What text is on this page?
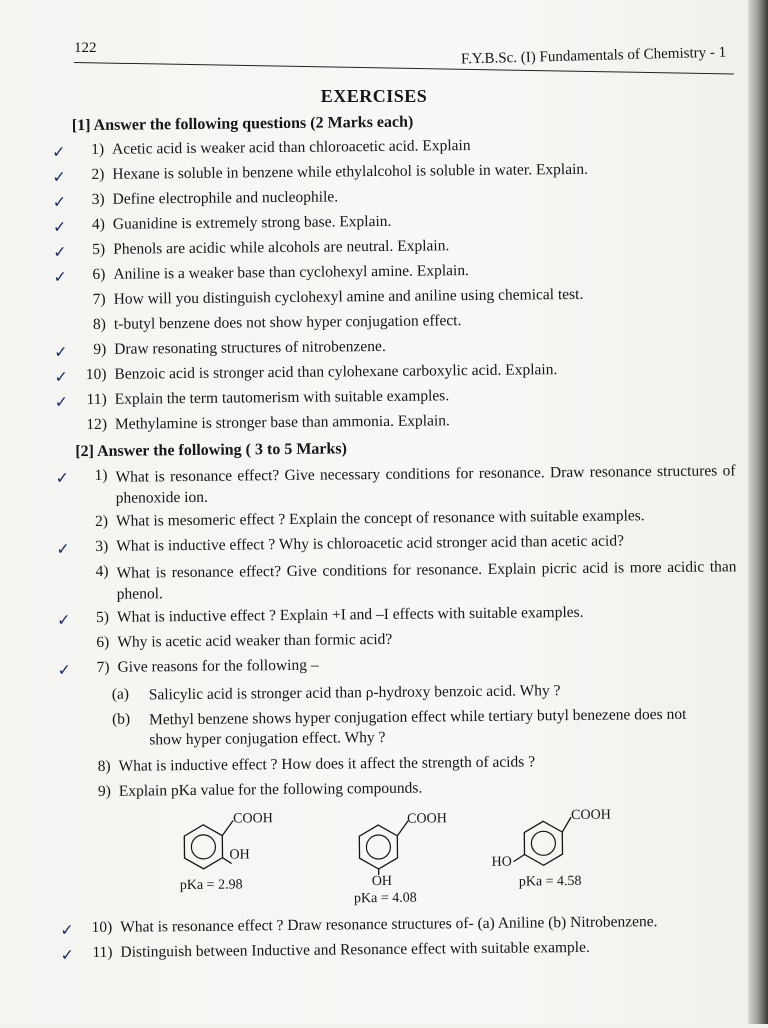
122	F.Y.B.Sc. (I) Fundamentals of Chemistry - 1
EXERCISES
[1] Answer the following questions (2 Marks each)
✓	1) Acetic acid is weaker acid than chloroacetic acid. Explain
✓	2) Hexane is soluble in benzene while ethylalcohol is soluble in water. Explain.
✓	3) Define electrophile and nucleophile.
✓	4) Guanidine is extremely strong base. Explain.
✓	5) Phenols are acidic while alcohols are neutral. Explain.
✓	6) Aniline is a weaker base than cyclohexyl amine. Explain.
7) How will you distinguish cyclohexyl amine and aniline using chemical test.
8) t-butyl benzene does not show hyper conjugation effect.
✓	9) Draw resonating structures of nitrobenzene.
✓	10) Benzoic acid is stronger acid than cylohexane carboxylic acid. Explain.
✓	11) Explain the term tautomerism with suitable examples.
12) Methylamine is stronger base than ammonia. Explain.
[2] Answer the following ( 3 to 5 Marks)
✓	1) What is resonance effect? Give necessary conditions for resonance. Draw resonance structures of phenoxide ion.
2) What is mesomeric effect ? Explain the concept of resonance with suitable examples.
✓	3) What is inductive effect ? Why is chloroacetic acid stronger acid than acetic acid?
4) What is resonance effect? Give conditions for resonance. Explain picric acid is more acidic than phenol.
✓	5) What is inductive effect ? Explain +I and –I effects with suitable examples.
6) Why is acetic acid weaker than formic acid?
✓	7) Give reasons for the following –
(a) Salicylic acid is stronger acid than ρ-hydroxy benzoic acid. Why ?
(b) Methyl benzene shows hyper conjugation effect while tertiary butyl benezene does not show hyper conjugation effect. Why ?
8) What is inductive effect ? How does it affect the strength of acids ?
9) Explain pKa value for the following compounds.
COOH
OH
pKa = 2.98
COOH
OH
pKa = 4.08
COOH
HO
pKa = 4.58
✓	10) What is resonance effect ? Draw resonance structures of- (a) Aniline (b) Nitrobenzene.
✓	11) Distinguish between Inductive and Resonance effect with suitable example.
